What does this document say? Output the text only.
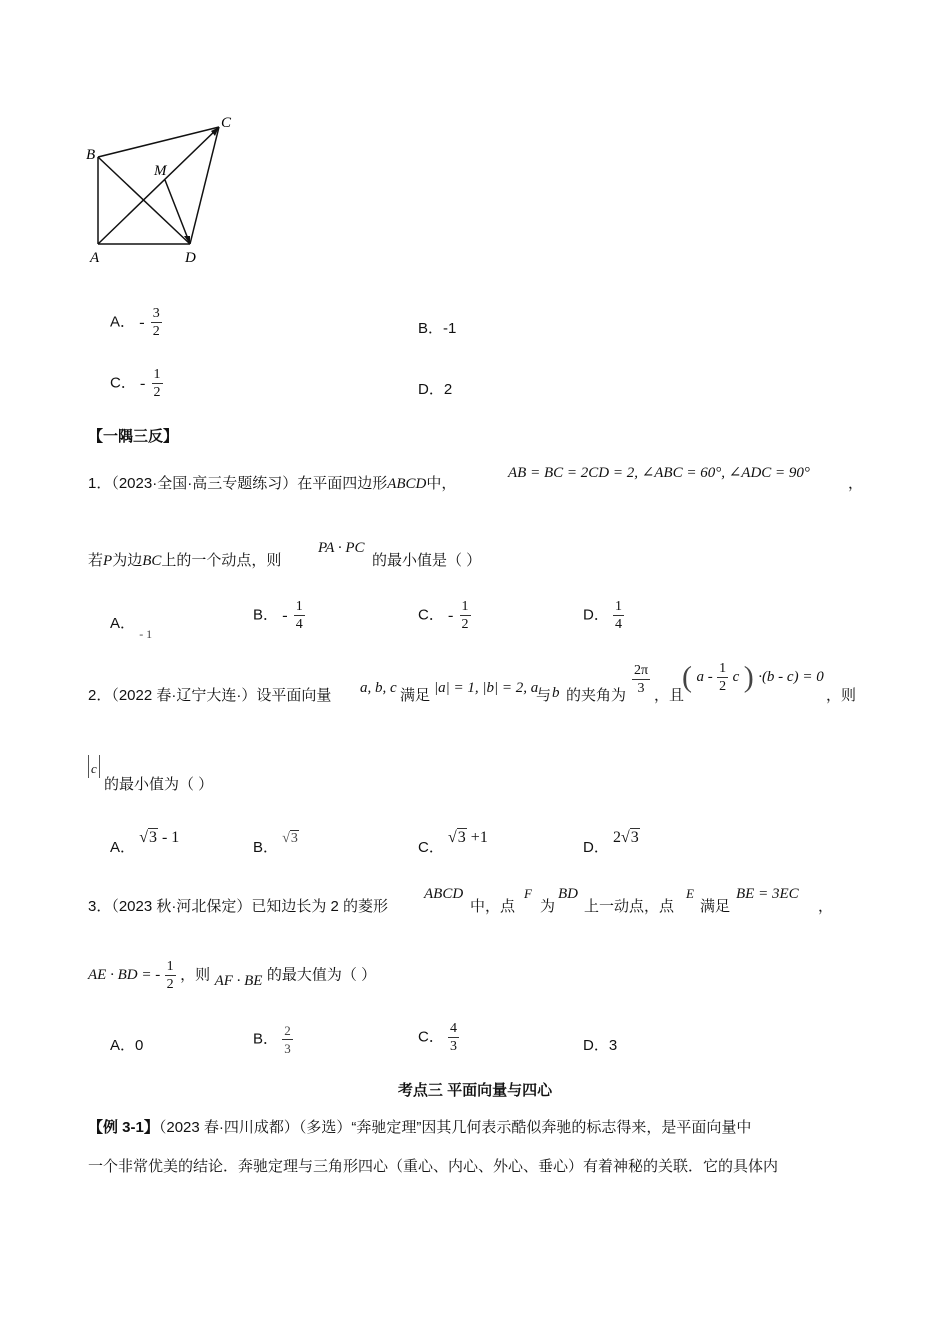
B
C
M
A	D
A． - $\frac{3}{2}$	B．-1
C． - $\frac{1}{2}$	D．2
【一隅三反】
1．（2023·全国·高三专题练习）在平面四边形ABCD中，
AB = BC = 2CD = 2, ∠ABC = 60°, ∠ADC = 90°
，
若P为边BC上的一个动点，则
PA · PC
的最小值是（ ）
A． $_{- 1}$
B． - $\frac{1}{4}$	C． - $\frac{1}{2}$	D． $\frac{1}{4}$
2．（2022 春·辽宁大连·）设平面向量 a, b, c 满足 |a| = 1, |b| = 2, a
与 b 的夹角为 $\frac{2\pi}{3}$ ，且
( a - $\frac{1}{2}$ c ) ·(b - c) = 0
，则
c
的最小值为（ ）
A． √3 - 1
B． √3
C． √3 +1
D． 2√3
3．（2023 秋·河北保定）已知边长为 2 的菱形
ABCD
中，点
F
为
BD
上一动点，点
E
满足
BE = 3EC
，
AE · BD = - $\frac{1}{2}$ ，则 AF · BE 的最大值为（ ）
A．0	B． $\frac{2}{3}$	C． $\frac{4}{3}$	D．3
考点三 平面向量与四心
【例 3-1】（2023 春·四川成都）（多选）“奔驰定理”因其几何表示酷似奔驰的标志得来，是平面向量中
一个非常优美的结论．奔驰定理与三角形四心（重心、内心、外心、垂心）有着神秘的关联．它的具体内
